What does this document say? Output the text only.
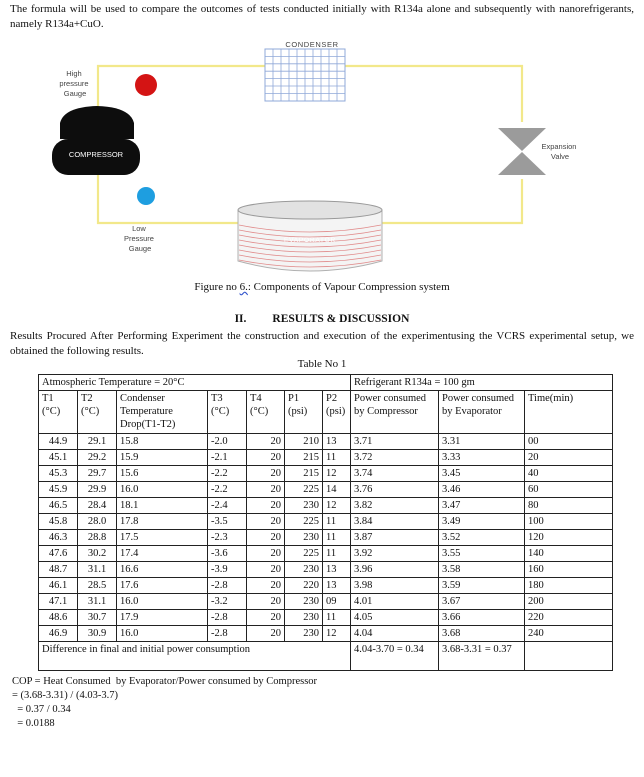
The formula will be used to compare the outcomes of tests conducted initially with R134a alone and subsequently with nanorefrigerants, namely R134a+CuO.
CONDENSER
High pressure Gauge
COMPRESSOR
Expansion Valve
Low Pressure Gauge
EVAPORATOR
Figure no 6.: Components of Vapour Compression system
II. RESULTS & DISCUSSION
Results Procured After Performing Experiment the construction and execution of the experimentusing the VCRS experimental setup, we obtained the following results.
Table No 1
Atmospheric Temperature = 20°C							Refrigerant R134a = 100 gm		
T1 (°C)	T2 (°C)	Condenser Temperature Drop(T1-T2)	T3 (°C)	T4 (°C)	P1 (psi)	P2 (psi)	Power consumed by Compressor	Power consumed by Evaporator	Time(min)
44.9	29.1	15.8	-2.0	20	210	13	3.71	3.31	00
45.1	29.2	15.9	-2.1	20	215	11	3.72	3.33	20
45.3	29.7	15.6	-2.2	20	215	12	3.74	3.45	40
45.9	29.9	16.0	-2.2	20	225	14	3.76	3.46	60
46.5	28.4	18.1	-2.4	20	230	12	3.82	3.47	80
45.8	28.0	17.8	-3.5	20	225	11	3.84	3.49	100
46.3	28.8	17.5	-2.3	20	230	11	3.87	3.52	120
47.6	30.2	17.4	-3.6	20	225	11	3.92	3.55	140
48.7	31.1	16.6	-3.9	20	230	13	3.96	3.58	160
46.1	28.5	17.6	-2.8	20	220	13	3.98	3.59	180
47.1	31.1	16.0	-3.2	20	230	09	4.01	3.67	200
48.6	30.7	17.9	-2.8	20	230	11	4.05	3.66	220
46.9	30.9	16.0	-2.8	20	230	12	4.04	3.68	240
Difference in final and initial power consumption							4.04-3.70 = 0.34	3.68-3.31 = 0.37	
COP = Heat Consumed  by Evaporator/Power consumed by Compressor
= (3.68-3.31) / (4.03-3.7)
= 0.37 / 0.34
= 0.0188
